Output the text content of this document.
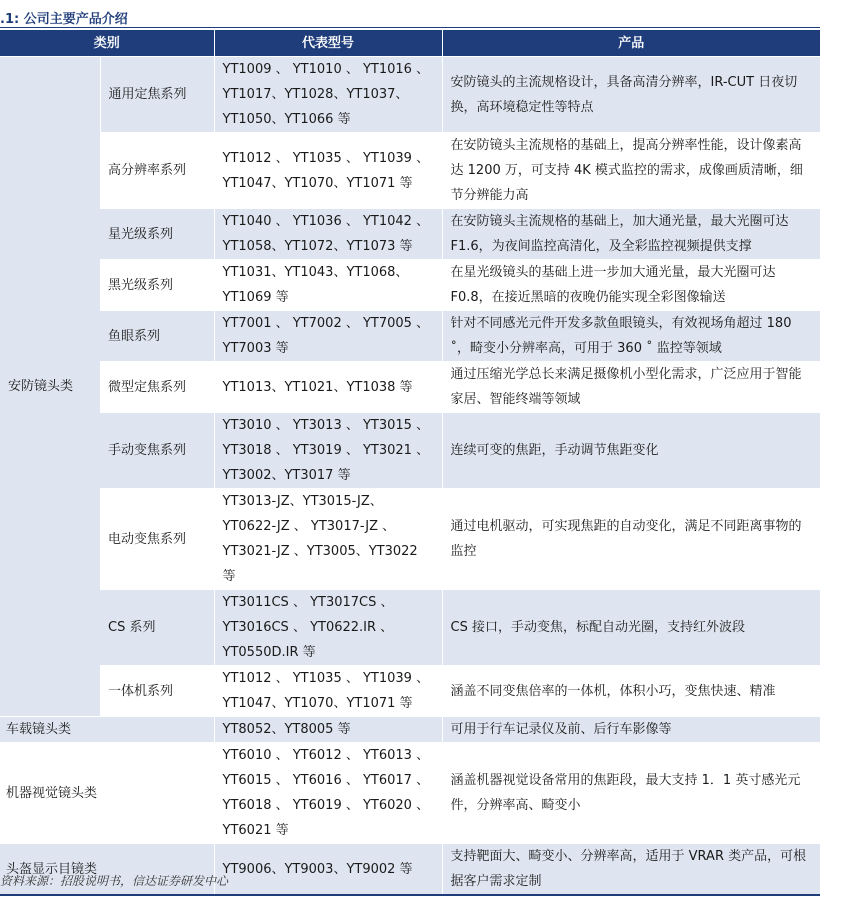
.1: 公司主要产品介绍
类别		代表型号	产品
安防镜头类	通用定焦系列	YT1009 、 YT1010 、 YT1016 、YT1017、YT1028、YT1037、YT1050、YT1066 等	安防镜头的主流规格设计，具备高清分辨率，IR-CUT 日夜切换，高环境稳定性等特点
	高分辨率系列	YT1012 、 YT1035 、 YT1039 、YT1047、YT1070、YT1071 等	在安防镜头主流规格的基础上，提高分辨率性能，设计像素高达 1200 万，可支持 4K 模式监控的需求，成像画质清晰，细节分辨能力高
	星光级系列	YT1040 、 YT1036 、 YT1042 、YT1058、YT1072、YT1073 等	在安防镜头主流规格的基础上，加大通光量，最大光圈可达 F1.6，为夜间监控高清化，及全彩监控视频提供支撑
	黑光级系列	YT1031、YT1043、YT1068、YT1069 等	在星光级镜头的基础上进一步加大通光量，最大光圈可达 F0.8，在接近黑暗的夜晚仍能实现全彩图像输送
	鱼眼系列	YT7001 、 YT7002 、 YT7005 、YT7003 等	针对不同感光元件开发多款鱼眼镜头，有效视场角超过 180 ˚，畸变小分辨率高，可用于 360 ˚ 监控等领域
	微型定焦系列	YT1013、YT1021、YT1038 等	通过压缩光学总长来满足摄像机小型化需求，广泛应用于智能家居、智能终端等领域
	手动变焦系列	YT3010 、 YT3013 、 YT3015 、YT3018 、 YT3019 、 YT3021 、YT3002、YT3017 等	连续可变的焦距，手动调节焦距变化
	电动变焦系列	YT3013-JZ、YT3015-JZ、YT0622-JZ 、 YT3017-JZ 、 YT3021-JZ 、YT3005、YT3022 等	通过电机驱动，可实现焦距的自动变化，满足不同距离事物的监控
	CS 系列	YT3011CS 、 YT3017CS 、YT3016CS 、 YT0622.IR 、YT0550D.IR 等	CS 接口，手动变焦，标配自动光圈，支持红外波段
	一体机系列	YT1012 、 YT1035 、 YT1039 、YT1047、YT1070、YT1071 等	涵盖不同变焦倍率的一体机，体积小巧，变焦快速、精准
车载镜头类		YT8052、YT8005 等	可用于行车记录仪及前、后行车影像等
机器视觉镜头类		YT6010 、 YT6012 、 YT6013 、YT6015 、 YT6016 、 YT6017 、YT6018 、 YT6019 、 YT6020 、YT6021 等	涵盖机器视觉设备常用的焦距段，最大支持 1．1 英寸感光元件，分辨率高、畸变小
头盔显示目镜类		YT9006、YT9003、YT9002 等	支持靶面大、畸变小、分辨率高，适用于 VRAR 类产品，可根据客户需求定制
资料来源：招股说明书，信达证券研发中心
